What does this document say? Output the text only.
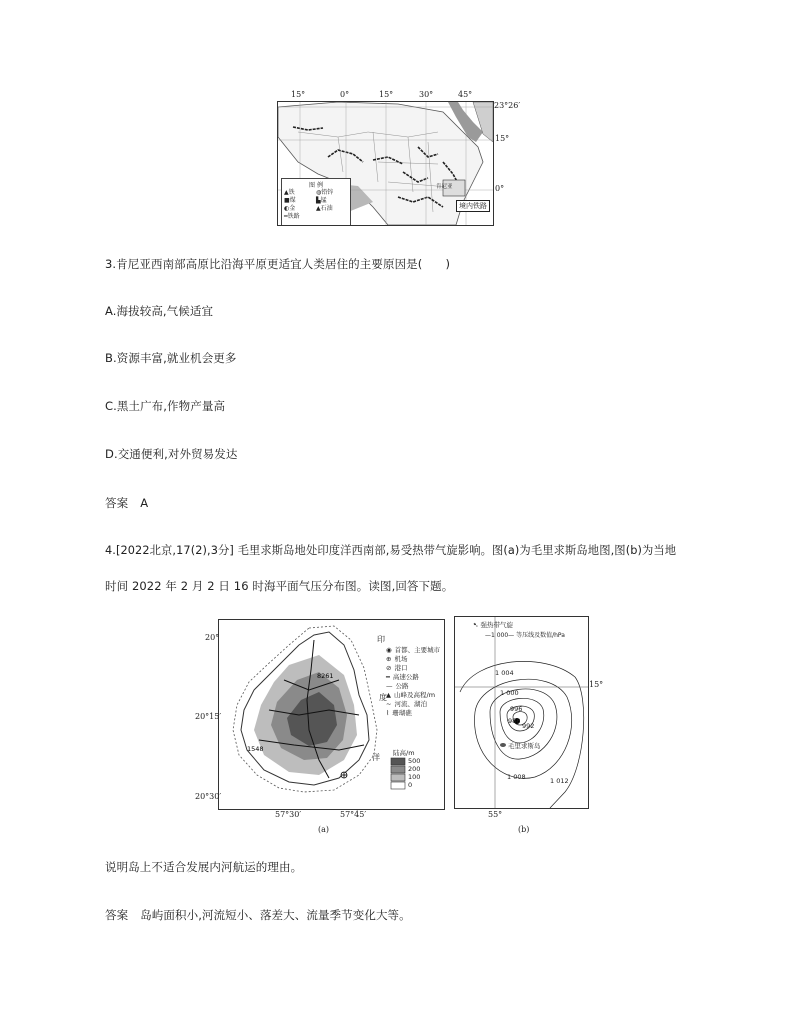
图 例
▲铁	◍铅锌
■煤	▙锰
◐金	▲石油
━铁路
肯尼亚
境内铁路
15°	0°	15°	30°	45°
23°26′
15°
0°
3.肯尼亚西南部高原比沿海平原更适宜人类居住的主要原因是(　　)
A.海拔较高,气候适宜
B.资源丰富,就业机会更多
C.黑土广布,作物产量高
D.交通便利,对外贸易发达
答案 A
4.[2022北京,17(2),3分] 毛里求斯岛地处印度洋西南部,易受热带气旋影响。图(a)为毛里求斯岛地图,图(b)为当地
时间 2022 年 2 月 2 日 16 时海平面气压分布图。读图,回答下题。
◉ 首都、主要城市
⊕ 机场
⊘ 港口
━ 高速公路
— 公路
▲ 山峰及高程/m
~ 河流、湖泊
⌇ 珊瑚礁
陆高/m
500
200
100
0
印
度
洋
8261
1548
20°
20°15′
20°30′
57°30′	57°45′
(a)
➷ 强热带气旋
—1 000— 等压线及数值/hPa
1 004
1 000
996
988
992
毛里求斯岛
1 008	1 012
15°
55°
(b)
说明岛上不适合发展内河航运的理由。
答案 岛屿面积小,河流短小、落差大、流量季节变化大等。
